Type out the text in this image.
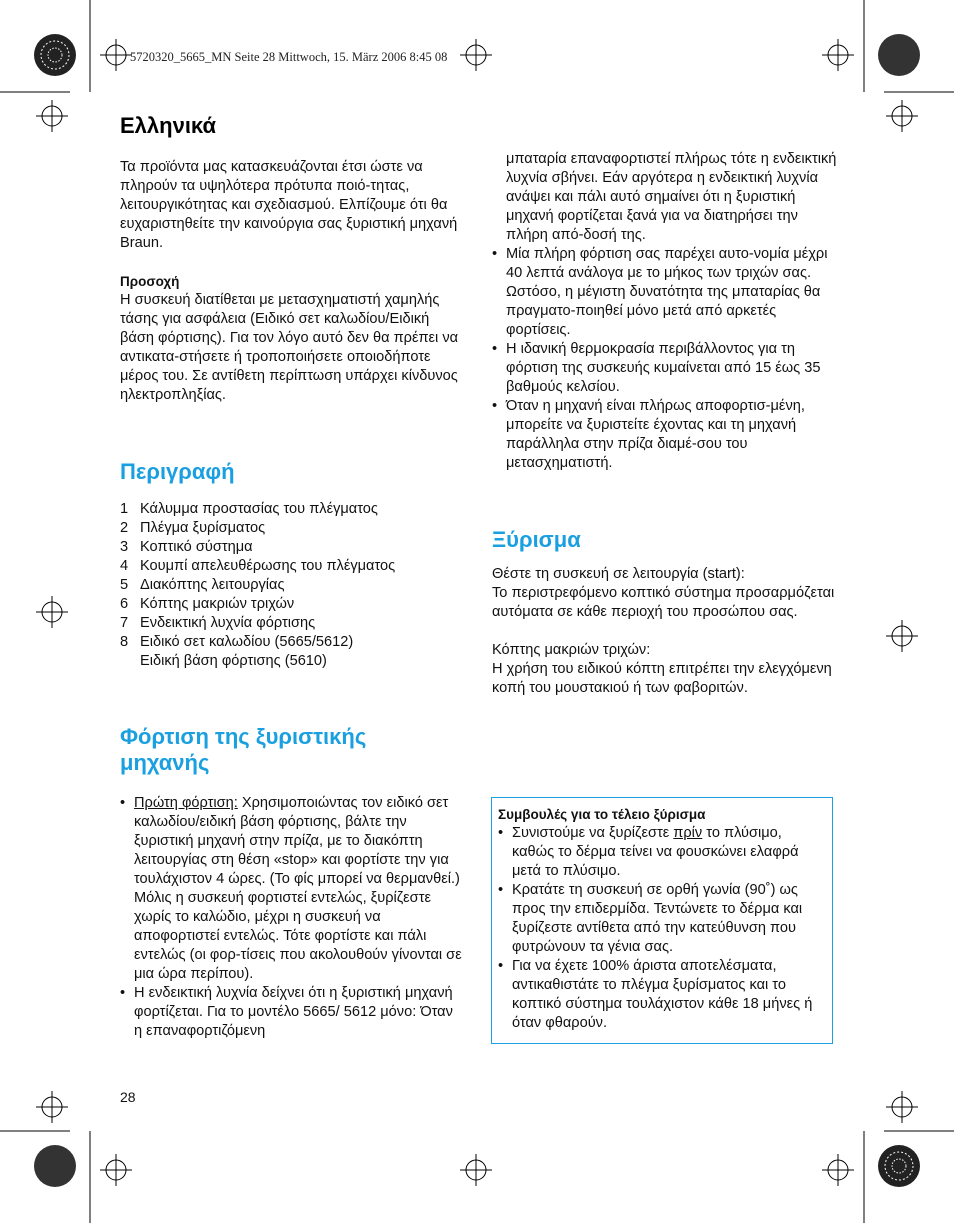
5720320_5665_MN Seite 28 Mittwoch, 15. März 2006 8:45 08
Ελληνικά

Τα προϊόντα μας κατασκευάζονται έτσι ώστε να πληρούν τα υψηλότερα πρότυπα ποιό-τητας, λειτουργικότητας και σχεδιασμού. Ελπίζουμε ότι θα ευχαριστηθείτε την καινούργια σας ξυριστική μηχανή Braun.

Προσοχή

Η συσκευή διατίθεται με μετασχηματιστή χαμηλής τάσης για ασφάλεια (Ειδικό σετ καλωδίου/Ειδική βάση φόρτισης). Για τον λόγο αυτό δεν θα πρέπει να αντικατα-στήσετε ή τροποποιήσετε οποιοδήποτε μέρος του. Σε αντίθετη περίπτωση υπάρχει κίνδυνος ηλεκτροπληξίας.

Περιγραφή
1 Κάλυμμα προστασίας του πλέγματος
2 Πλέγμα ξυρίσματος
3 Κοπτικό σύστημα
4 Κουμπί απελευθέρωσης του πλέγματος
5 Διακόπτης λειτουργίας
6 Κόπτης μακριών τριχών
7 Ενδεικτική λυχνία φόρτισης
8 Ειδικό σετ καλωδίου (5665/5612)
Ειδική βάση φόρτισης (5610)
Φόρτιση της ξυριστικής
μηχανής
• Πρώτη φόρτιση: Χρησιμοποιώντας τον ειδικό σετ καλωδίου/ειδική βάση φόρτισης, βάλτε την ξυριστική μηχανή στην πρίζα, με το διακόπτη λειτουργίας στη θέση «stop» και φορτίστε την για τουλάχιστον 4 ώρες. (Το φίς μπορεί να θερμανθεί.) Μόλις η συσκευή φορτιστεί εντελώς, ξυρίζεστε χωρίς το καλώδιο, μέχρι η συσκευή να αποφορτιστεί εντελώς. Τότε φορτίστε και πάλι εντελώς (οι φορ-τίσεις που ακολουθούν γίνονται σε μια ώρα περίπου).
• Η ενδεικτική λυχνία δείχνει ότι η ξυριστική μηχανή φορτίζεται. Για το μοντέλο 5665/ 5612 μόνο: Όταν η επαναφορτιζόμενη

μπαταρία επαναφορτιστεί πλήρως τότε η ενδεικτική λυχνία σβήνει. Εάν αργότερα η ενδεικτική λυχνία ανάψει και πάλι αυτό σημαίνει ότι η ξυριστική μηχανή φορτίζεται ξανά για να διατηρήσει την πλήρη από-δοσή της.

• Μία πλήρη φόρτιση σας παρέχει αυτο-νομία μέχρι 40 λεπτά ανάλογα με το μήκος των τριχών σας. Ωστόσο, η μέγιστη δυνατότητα της μπαταρίας θα πραγματο-ποιηθεί μόνο μετά από αρκετές φορτίσεις.
• Η ιδανική θερμοκρασία περιβάλλοντος για τη φόρτιση της συσκευής κυμαίνεται από 15 έως 35 βαθμούς κελσίου.
• Όταν η μηχανή είναι πλήρως αποφορτισ-μένη, μπορείτε να ξυριστείτε έχοντας και τη μηχανή παράλληλα στην πρίζα διαμέ-σου του μετασχηματιστή.
Ξύρισμα

Θέστε τη συσκευή σε λειτουργία (start):

Το περιστρεφόμενο κοπτικό σύστημα προσαρμόζεται αυτόματα σε κάθε περιοχή του προσώπου σας.

Κόπτης μακριών τριχών:

Η χρήση του ειδικού κόπτη επιτρέπει την ελεγχόμενη κοπή του μουστακιού ή των φαβοριτών.

Συμβουλές για το τέλειο ξύρισμα

• Συνιστούμε να ξυρίζεστε πρίν το πλύσιμο, καθώς το δέρμα τείνει να φουσκώνει ελαφρά μετά το πλύσιμο.
• Κρατάτε τη συσκευή σε ορθή γωνία (90˚) ως προς την επιδερμίδα. Τεντώνετε το δέρμα και ξυρίζεστε αντίθετα από την κατεύθυνση που φυτρώνουν τα γένια σας.
• Για να έχετε 100% άριστα αποτελέσματα, αντικαθιστάτε το πλέγμα ξυρίσματος και το κοπτικό σύστημα τουλάχιστον κάθε 18 μήνες ή όταν φθαρούν.
28
